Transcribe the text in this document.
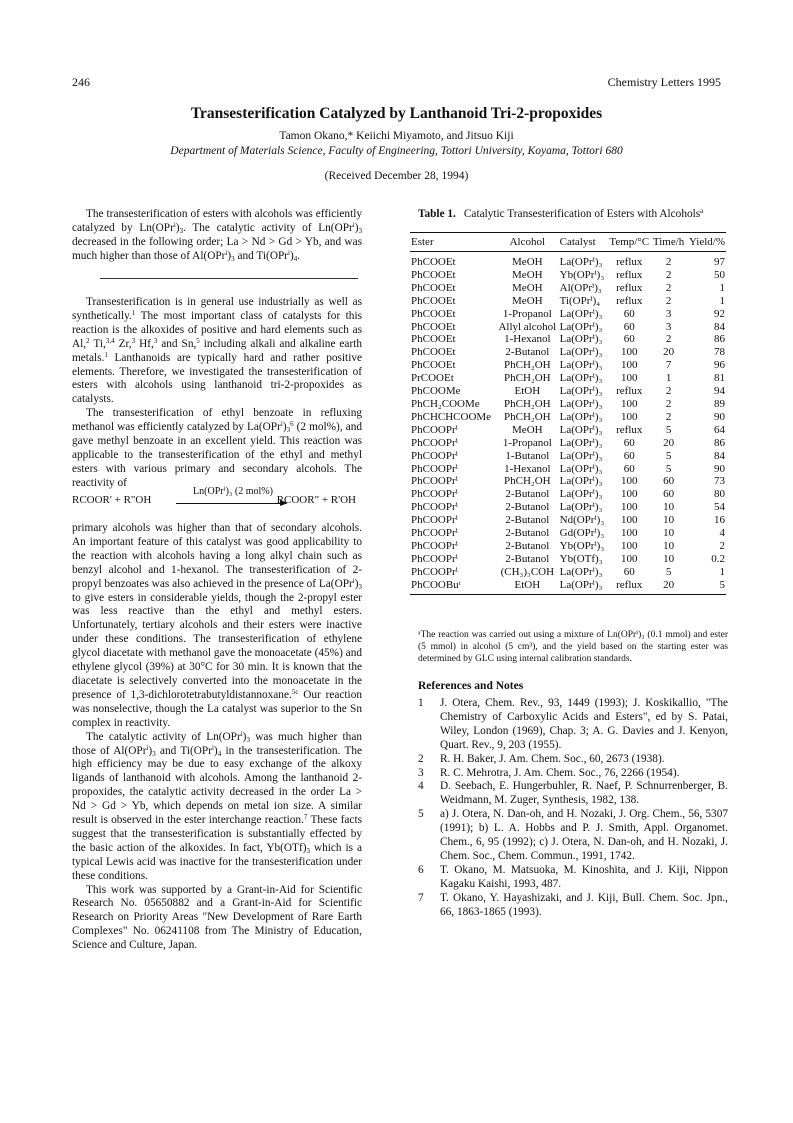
246	Chemistry Letters 1995
Transesterification Catalyzed by Lanthanoid Tri-2-propoxides
Tamon Okano,* Keiichi Miyamoto, and Jitsuo Kiji
Department of Materials Science, Faculty of Engineering, Tottori University, Koyama, Tottori 680
(Received December 28, 1994)

The transesterification of esters with alcohols was efficiently catalyzed by $Ln(OPr^i)_3$. The catalytic activity of $Ln(OPr^i)_3$ decreased in the following order; La > Nd > Gd > Yb, and was much higher than those of $Al(OPr^i)_3$ and $Ti(OPr^i)_4$.

Transesterification is in general use industrially as well as synthetically.$^1$ The most important class of catalysts for this reaction is the alkoxides of positive and hard elements such as Al,$^2$ Ti,$^{3,4}$ Zr,$^3$ Hf,$^3$ and Sn,$^5$ including alkali and alkaline earth metals.$^1$ Lanthanoids are typically hard and rather positive elements. Therefore, we investigated the transesterification of esters with alcohols using lanthanoid tri-2-propoxides as catalysts.

The transesterification of ethyl benzoate in refluxing methanol was efficiently catalyzed by $La(OPr^i)_3^6$ (2 mol%), and gave methyl benzoate in an excellent yield. This reaction was applicable to the transesterification of the ethyl and methyl esters with various primary and secondary alcohols. The reactivity of

RCOOR' + R"OH
Ln(OPrⁱ)₃ (2 mol%)
RCOOR" + R'OH

primary alcohols was higher than that of secondary alcohols. An important feature of this catalyst was good applicability to the reaction with alcohols having a long alkyl chain such as benzyl alcohol and 1-hexanol. The transesterification of 2-propyl benzoates was also achieved in the presence of $La(OPr^i)_3$ to give esters in considerable yields, though the 2-propyl ester was less reactive than the ethyl and methyl esters. Unfortunately, tertiary alcohols and their esters were inactive under these conditions. The transesterification of ethylene glycol diacetate with methanol gave the monoacetate (45%) and ethylene glycol (39%) at 30°C for 30 min. It is known that the diacetate is selectively converted into the monoacetate in the presence of 1,3-dichlorotetrabutyldistannoxane.$^{5c}$ Our reaction was nonselective, though the La catalyst was superior to the Sn complex in reactivity.

The catalytic activity of $Ln(OPr^i)_3$ was much higher than those of $Al(OPr^i)_3$ and $Ti(OPr^i)_4$ in the transesterification. The high efficiency may be due to easy exchange of the alkoxy ligands of lanthanoid with alcohols. Among the lanthanoid 2-propoxides, the catalytic activity decreased in the order La > Nd > Gd > Yb, which depends on metal ion size. A similar result is observed in the ester interchange reaction.$^7$ These facts suggest that the transesterification is substantially effected by the basic action of the alkoxides. In fact, $Yb(OTf)_3$ which is a typical Lewis acid was inactive for the transesterification under these conditions.

This work was supported by a Grant-in-Aid for Scientific Research No. 05650882 and a Grant-in-Aid for Scientific Research on Priority Areas "New Development of Rare Earth Complexes" No. 06241108 from The Ministry of Education, Science and Culture, Japan.

Table 1. Catalytic Transesterification of Esters with Alcohols$^a$
Ester	Alcohol	Catalyst	Temp/°C	Time/h	Yield/%
PhCOOEt	MeOH	La(OPrⁱ)₃	reflux	2	97
PhCOOEt	MeOH	Yb(OPrⁱ)₃	reflux	2	50
PhCOOEt	MeOH	Al(OPrⁱ)₃	reflux	2	1
PhCOOEt	MeOH	Ti(OPrⁱ)₄	reflux	2	1
PhCOOEt	1-Propanol	La(OPrⁱ)₃	60	3	92
PhCOOEt	Allyl alcohol	La(OPrⁱ)₃	60	3	84
PhCOOEt	1-Hexanol	La(OPrⁱ)₃	60	2	86
PhCOOEt	2-Butanol	La(OPrⁱ)₃	100	20	78
PhCOOEt	PhCH₂OH	La(OPrⁱ)₃	100	7	96
PrCOOEt	PhCH₂OH	La(OPrⁱ)₃	100	1	81
PhCOOMe	EtOH	La(OPrⁱ)₃	reflux	2	94
PhCH₂COOMe	PhCH₂OH	La(OPrⁱ)₃	100	2	89
PhCHCHCOOMe	PhCH₂OH	La(OPrⁱ)₃	100	2	90
PhCOOPrⁱ	MeOH	La(OPrⁱ)₃	reflux	5	64
PhCOOPrⁱ	1-Propanol	La(OPrⁱ)₃	60	20	86
PhCOOPrⁱ	1-Butanol	La(OPrⁱ)₃	60	5	84
PhCOOPrⁱ	1-Hexanol	La(OPrⁱ)₃	60	5	90
PhCOOPrⁱ	PhCH₂OH	La(OPrⁱ)₃	100	60	73
PhCOOPrⁱ	2-Butanol	La(OPrⁱ)₃	100	60	80
PhCOOPrⁱ	2-Butanol	La(OPrⁱ)₃	100	10	54
PhCOOPrⁱ	2-Butanol	Nd(OPrⁱ)₃	100	10	16
PhCOOPrⁱ	2-Butanol	Gd(OPrⁱ)₃	100	10	4
PhCOOPrⁱ	2-Butanol	Yb(OPrⁱ)₃	100	10	2
PhCOOPrⁱ	2-Butanol	Yb(OTf)₃	100	10	0.2
PhCOOPrⁱ	(CH₃)₃COH	La(OPrⁱ)₃	60	5	1
PhCOOBuᵗ	EtOH	La(OPrⁱ)₃	reflux	20	5
ᵃThe reaction was carried out using a mixture of Ln(OPrⁱ)₃ (0.1 mmol) and ester (5 mmol) in alcohol (5 cm³), and the yield based on the starting ester was determined by GLC using internal calibration standards.
References and Notes
1	J. Otera, Chem. Rev., 93, 1449 (1993); J. Koskikallio, "The Chemistry of Carboxylic Acids and Esters", ed by S. Patai, Wiley, London (1969), Chap. 3; A. G. Davies and J. Kenyon, Quart. Rev., 9, 203 (1955).
2	R. H. Baker, J. Am. Chem. Soc., 60, 2673 (1938).
3	R. C. Mehrotra, J. Am. Chem. Soc., 76, 2266 (1954).
4	D. Seebach, E. Hungerbuhler, R. Naef, P. Schnurrenberger, B. Weidmann, M. Zuger, Synthesis, 1982, 138.
5	a) J. Otera, N. Dan-oh, and H. Nozaki, J. Org. Chem., 56, 5307 (1991); b) L. A. Hobbs and P. J. Smith, Appl. Organomet. Chem., 6, 95 (1992); c) J. Otera, N. Dan-oh, and H. Nozaki, J. Chem. Soc., Chem. Commun., 1991, 1742.
6	T. Okano, M. Matsuoka, M. Kinoshita, and J. Kiji, Nippon Kagaku Kaishi, 1993, 487.
7	T. Okano, Y. Hayashizaki, and J. Kiji, Bull. Chem. Soc. Jpn., 66, 1863-1865 (1993).
